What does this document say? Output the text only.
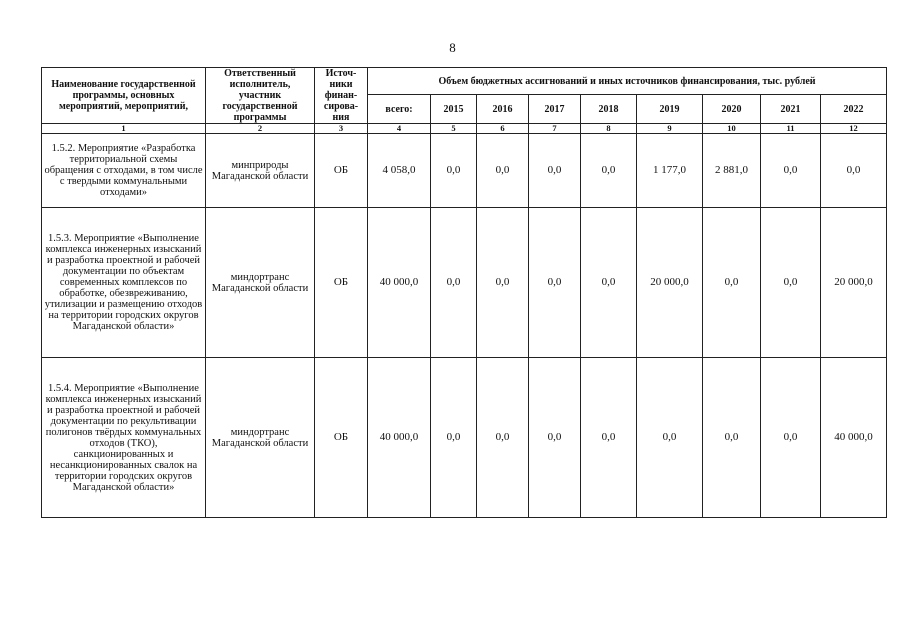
8
Наименование государственной программы, основных мероприятий, мероприятий,	Ответственный исполнитель, участник государственной программы	Источ-ники финан-сирова-ния	Объем бюджетных ассигнований и иных источников финансирования, тыс. рублей								
			всего:	2015	2016	2017	2018	2019	2020	2021	2022
1	2	3	4	5	6	7	8	9	10	11	12
1.5.2. Мероприятие «Разработка территориальной схемы обращения с отходами, в том числе с твердыми коммунальными отходами»	минприроды Магаданской области	ОБ	4 058,0	0,0	0,0	0,0	0,0	1 177,0	2 881,0	0,0	0,0
1.5.3. Мероприятие «Выполнение комплекса инженерных изысканий и разработка проектной и рабочей документации по объектам современных комплексов по обработке, обезвреживанию, утилизации и размещению отходов на территории городских округов Магаданской области»	миндортранс Магаданской области	ОБ	40 000,0	0,0	0,0	0,0	0,0	20 000,0	0,0	0,0	20 000,0
1.5.4. Мероприятие «Выполнение комплекса инженерных изысканий и разработка проектной и рабочей документации по рекультивации полигонов твёрдых коммунальных отходов (ТКО), санкционированных и несанкционированных свалок на территории городских округов Магаданской области»	миндортранс Магаданской области	ОБ	40 000,0	0,0	0,0	0,0	0,0	0,0	0,0	0,0	40 000,0
